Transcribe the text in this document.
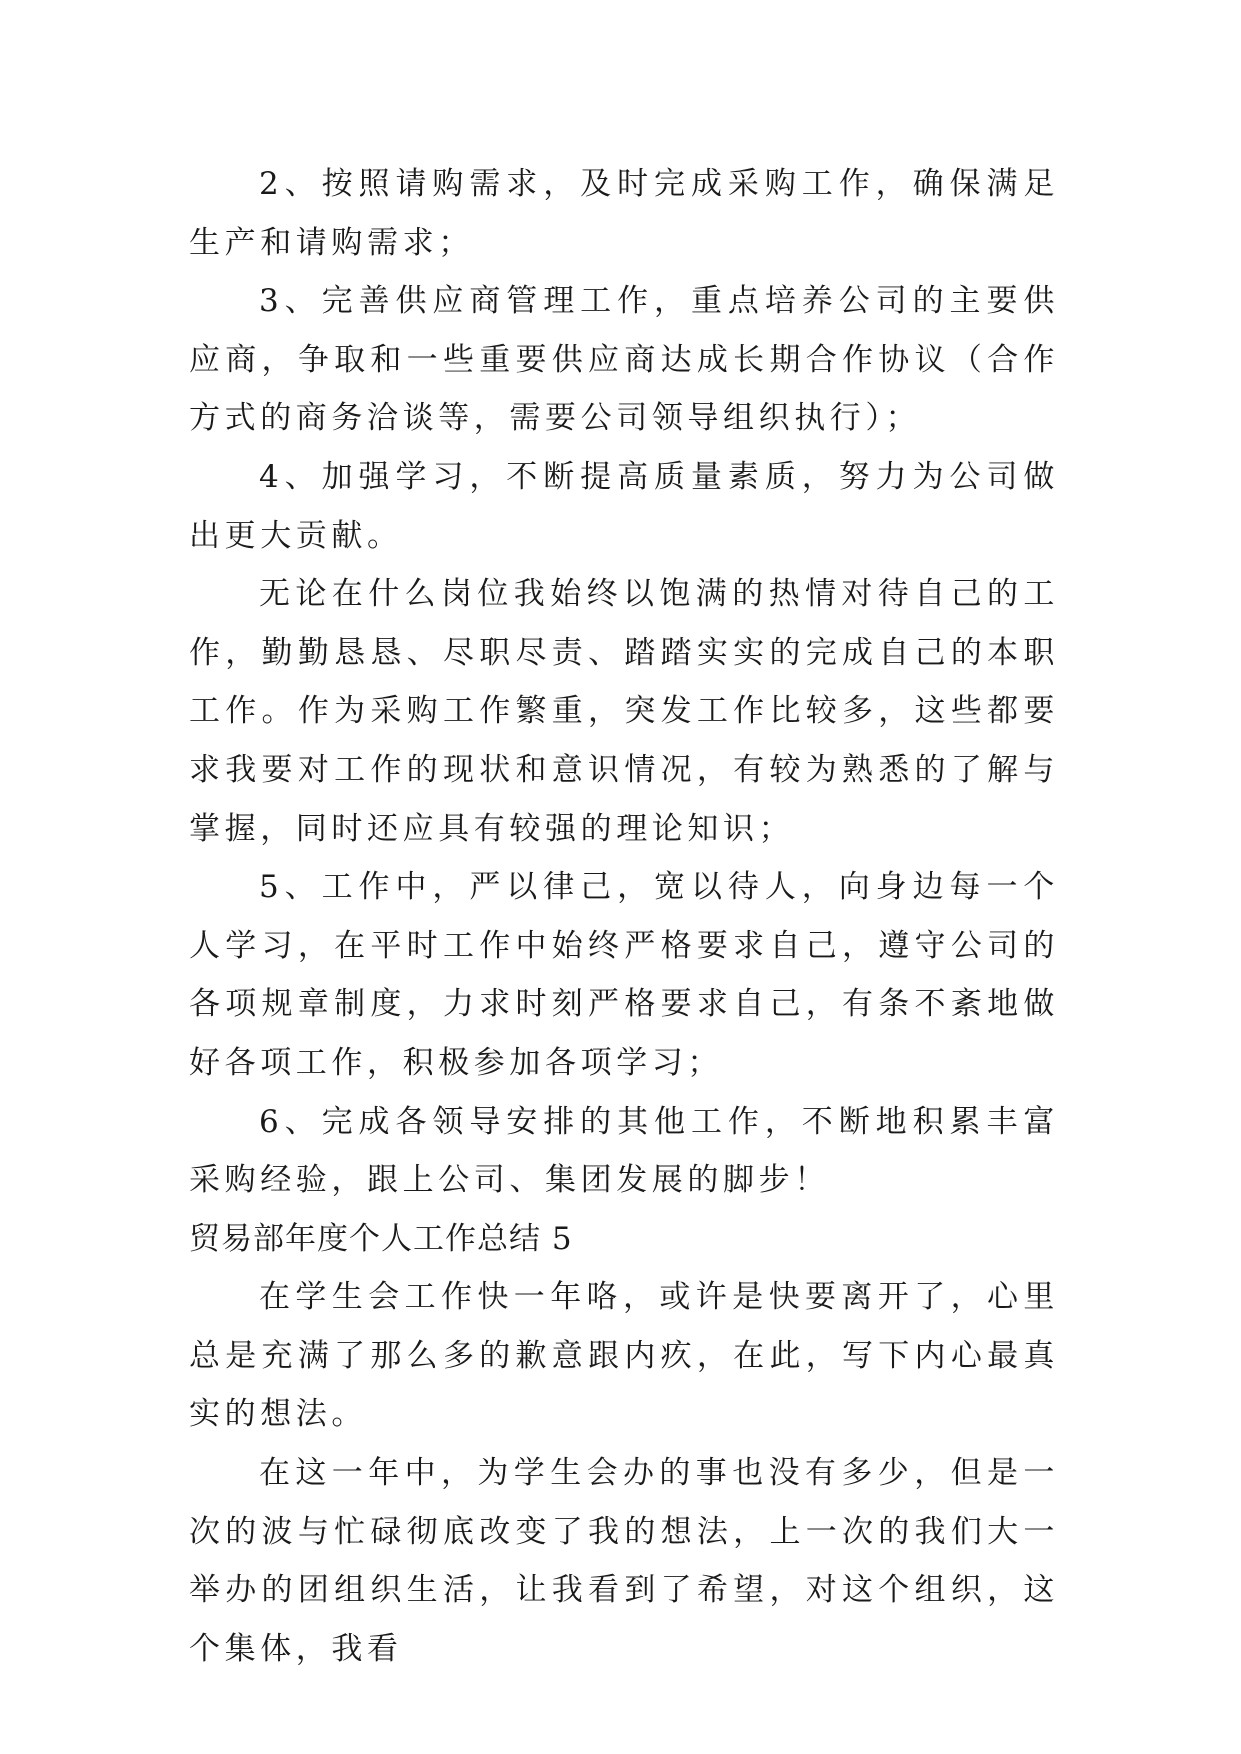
2、按照请购需求，及时完成采购工作，确保满足生产和请购需求；

3、完善供应商管理工作，重点培养公司的主要供应商，争取和一些重要供应商达成长期合作协议（合作方式的商务洽谈等，需要公司领导组织执行）；

4、加强学习，不断提高质量素质，努力为公司做出更大贡献。

无论在什么岗位我始终以饱满的热情对待自己的工作，勤勤恳恳、尽职尽责、踏踏实实的完成自己的本职工作。作为采购工作繁重，突发工作比较多，这些都要求我要对工作的现状和意识情况，有较为熟悉的了解与掌握，同时还应具有较强的理论知识；

5、工作中，严以律己，宽以待人，向身边每一个人学习，在平时工作中始终严格要求自己，遵守公司的各项规章制度，力求时刻严格要求自己，有条不紊地做好各项工作，积极参加各项学习；

6、完成各领导安排的其他工作，不断地积累丰富采购经验，跟上公司、集团发展的脚步！

贸易部年度个人工作总结 5

在学生会工作快一年咯，或许是快要离开了，心里总是充满了那么多的歉意跟内疚，在此，写下内心最真实的想法。

在这一年中，为学生会办的事也没有多少，但是一次的波与忙碌彻底改变了我的想法，上一次的我们大一举办的团组织生活，让我看到了希望，对这个组织，这个集体，我看
